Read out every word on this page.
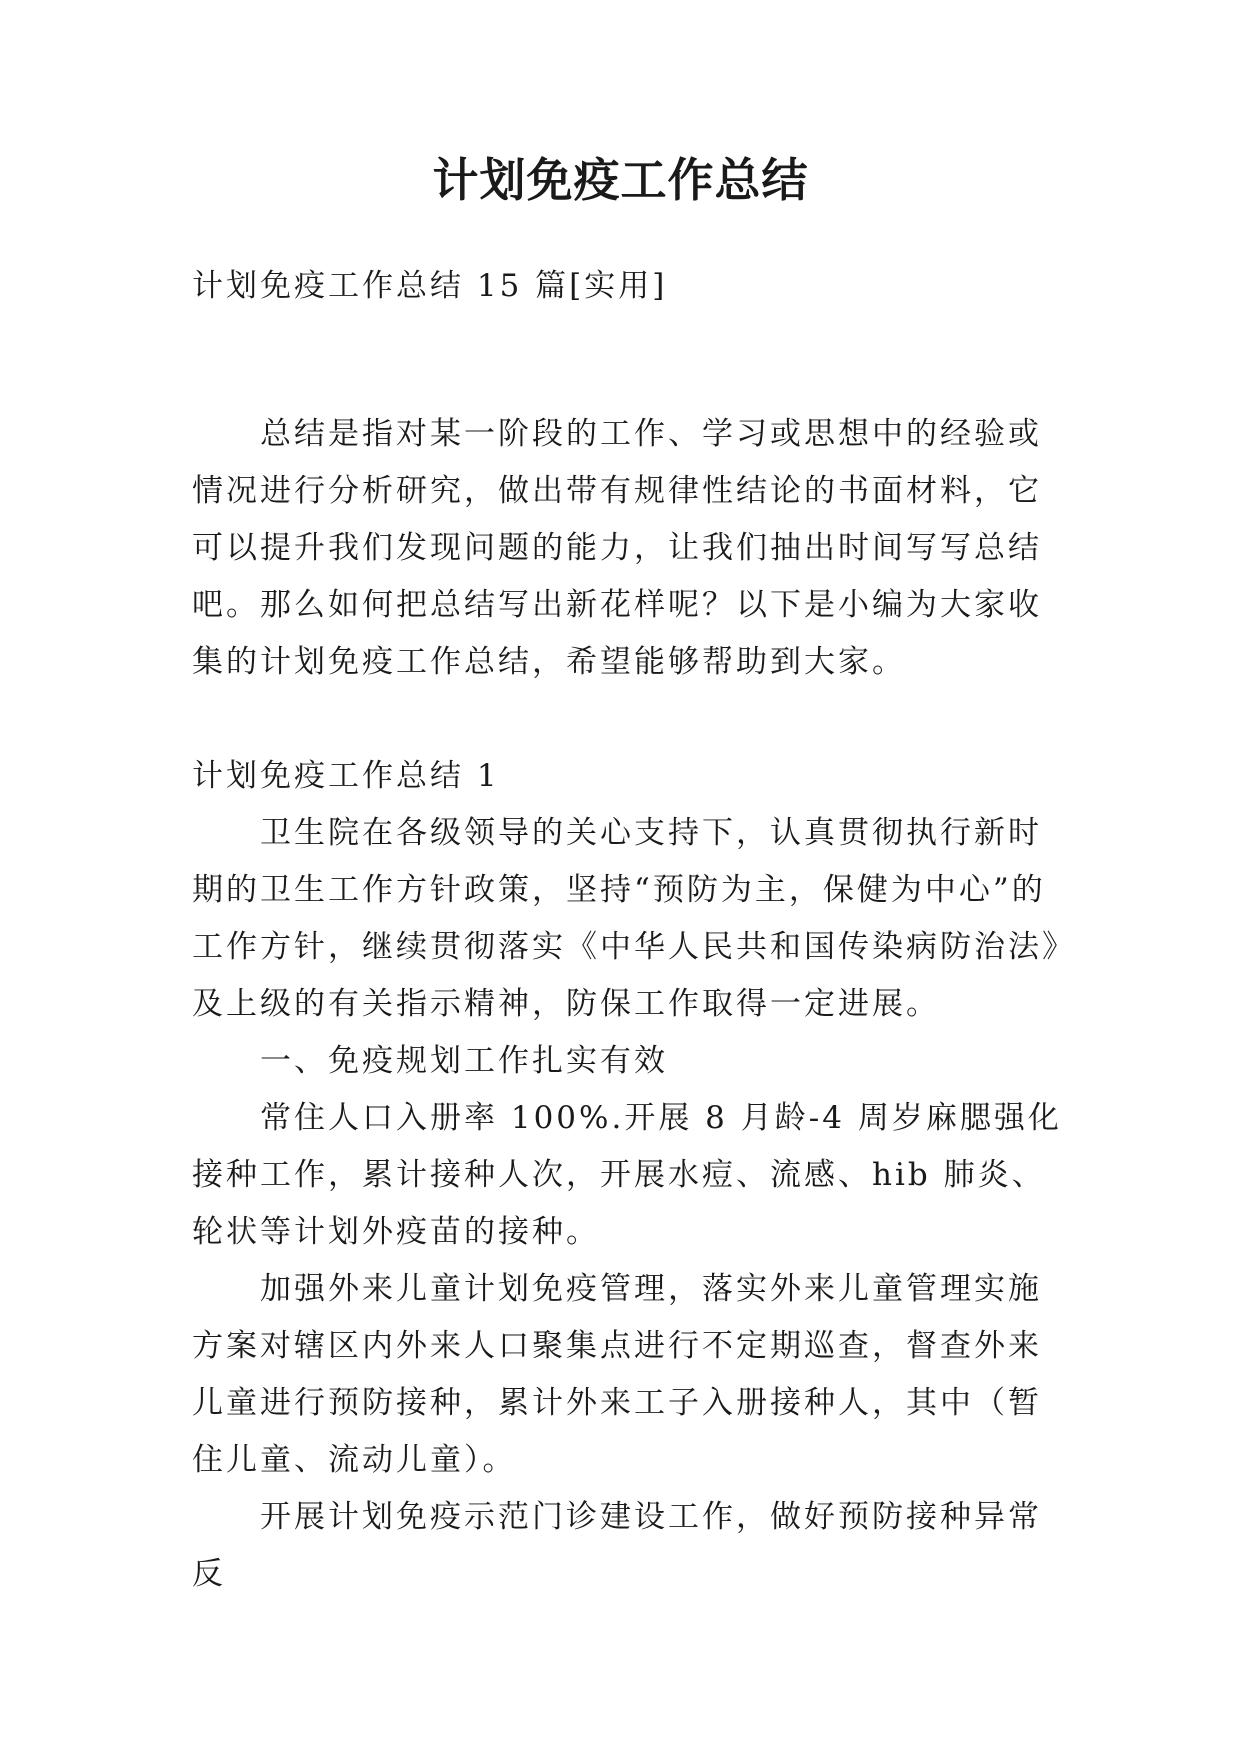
计划免疫工作总结
计划免疫工作总结 15 篇[实用]

总结是指对某一阶段的工作、学习或思想中的经验或情况进行分析研究，做出带有规律性结论的书面材料，它可以提升我们发现问题的能力，让我们抽出时间写写总结吧。那么如何把总结写出新花样呢？以下是小编为大家收集的计划免疫工作总结，希望能够帮助到大家。

计划免疫工作总结 1

卫生院在各级领导的关心支持下，认真贯彻执行新时期的卫生工作方针政策，坚持“预防为主，保健为中心”的工作方针，继续贯彻落实《中华人民共和国传染病防治法》及上级的有关指示精神，防保工作取得一定进展。

一、免疫规划工作扎实有效

常住人口入册率 100%.开展 8 月龄-4 周岁麻腮强化接种工作，累计接种人次，开展水痘、流感、hib 肺炎、轮状等计划外疫苗的接种。

加强外来儿童计划免疫管理，落实外来儿童管理实施方案对辖区内外来人口聚集点进行不定期巡查，督查外来儿童进行预防接种，累计外来工子入册接种人，其中（暂住儿童、流动儿童）。

开展计划免疫示范门诊建设工作，做好预防接种异常反
